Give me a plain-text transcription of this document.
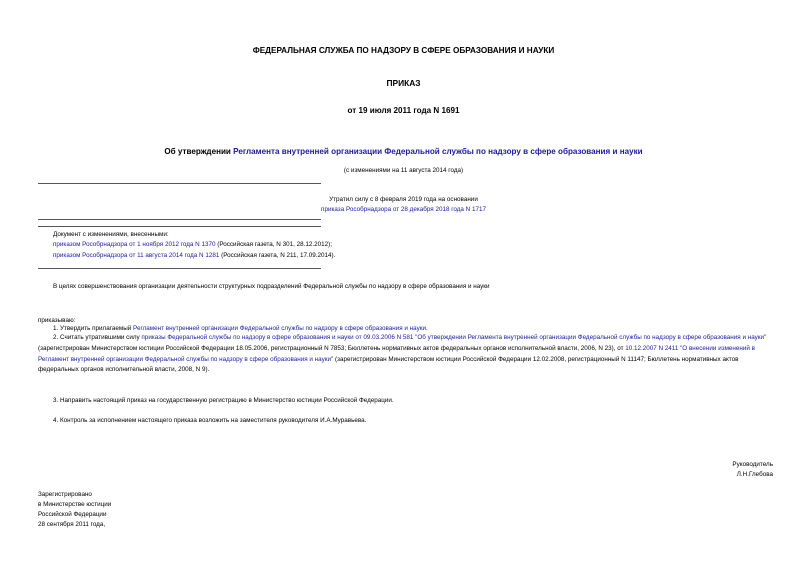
ФЕДЕРАЛЬНАЯ СЛУЖБА ПО НАДЗОРУ В СФЕРЕ ОБРАЗОВАНИЯ И НАУКИ
ПРИКАЗ
от 19 июля 2011 года N 1691
Об утверждении Регламента внутренней организации Федеральной службы по надзору в сфере образования и науки
(с изменениями на 11 августа 2014 года)
Утратил силу с 8 февраля 2019 года на основании
приказа Рособрнадзора от 28 декабря 2018 года N 1717
Документ с изменениями, внесенными:
приказом Рособрнадзора от 1 ноября 2012 года N 1370 (Российская газета, N 301, 28.12.2012);
приказом Рособрнадзора от 11 августа 2014 года N 1281 (Российская газета, N 211, 17.09.2014).
В целях совершенствования организации деятельности структурных подразделений Федеральной службы по надзору в сфере образования и науки
приказываю:
1. Утвердить прилагаемый Регламент внутренней организации Федеральной службы по надзору в сфере образования и науки.
2. Считать утратившими силу приказы Федеральной службы по надзору в сфере образования и науки от 09.03.2006 N 581 "Об утверждении Регламента внутренней организации Федеральной службы по надзору в сфере образования и науки" (зарегистрирован Министерством юстиции Российской Федерации 18.05.2006, регистрационный N 7853; Бюллетень нормативных актов федеральных органов исполнительной власти, 2006, N 23), от 10.12.2007 N 2411 "О внесении изменений в Регламент внутренней организации Федеральной службы по надзору в сфере образования и науки" (зарегистрирован Министерством юстиции Российской Федерации 12.02.2008, регистрационный N 11147; Бюллетень нормативных актов федеральных органов исполнительной власти, 2008, N 9).
3. Направить настоящий приказ на государственную регистрацию в Министерство юстиции Российской Федерации.
4. Контроль за исполнением настоящего приказа возложить на заместителя руководителя И.А.Муравьева.
Руководитель
Л.Н.Глебова
Зарегистрировано
в Министерстве юстиции
Российской Федерации
28 сентября 2011 года,
